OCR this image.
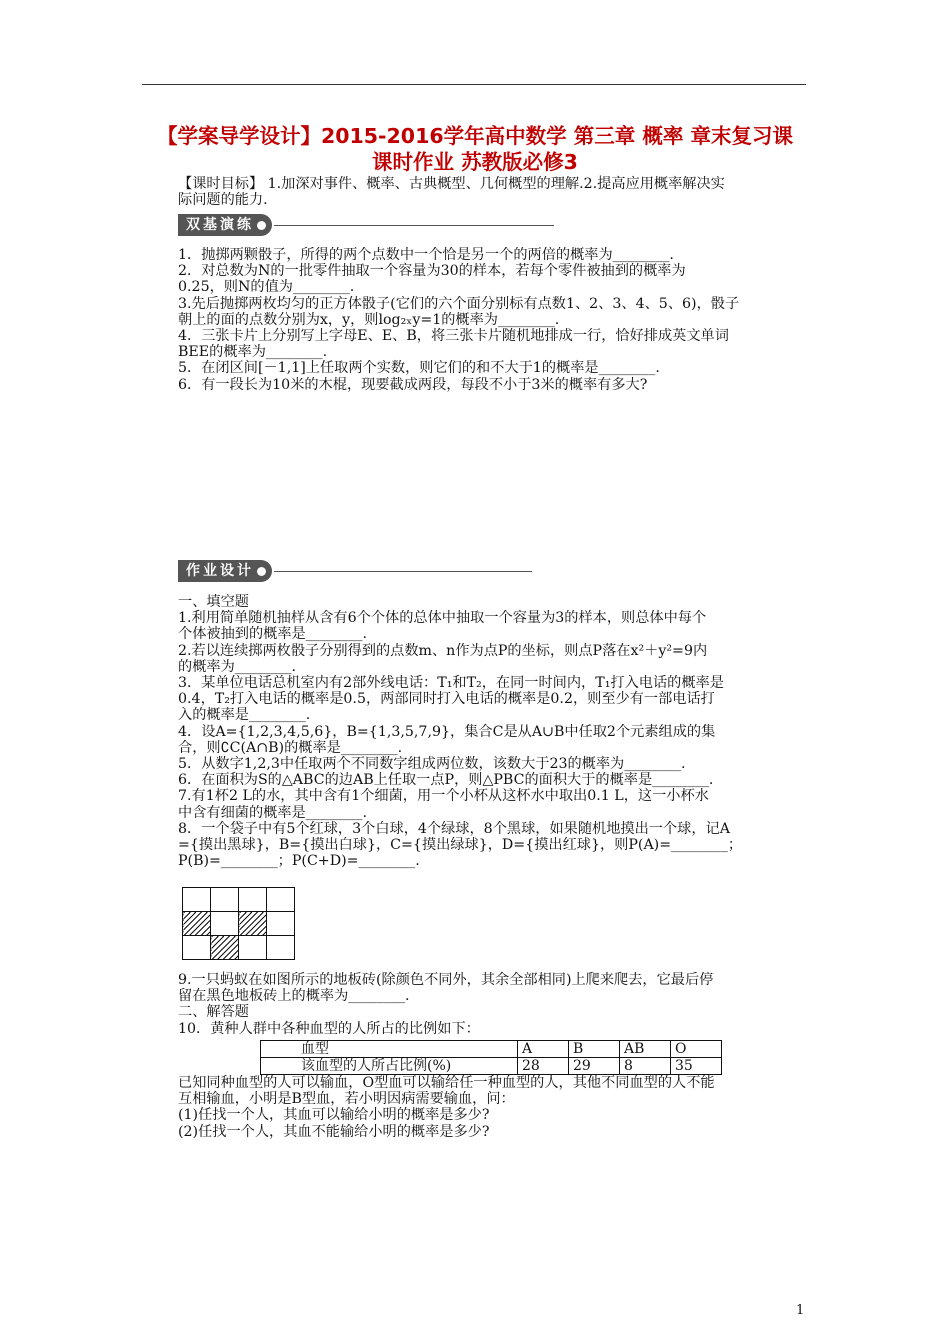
【学案导学设计】2015-2016学年高中数学 第三章 概率 章末复习课
课时作业 苏教版必修3

【课时目标】 1.加深对事件、概率、古典概型、几何概型的理解.2.提高应用概率解决实

际问题的能力.

双基演练

1．抛掷两颗骰子，所得的两个点数中一个恰是另一个的两倍的概率为________.

2．对总数为N的一批零件抽取一个容量为30的样本，若每个零件被抽到的概率为

0.25，则N的值为________.

3.先后抛掷两枚均匀的正方体骰子(它们的六个面分别标有点数1、2、3、4、5、6)，骰子

朝上的面的点数分别为x，y，则log₂ₓy=1的概率为________.

4．三张卡片上分别写上字母E、E、B，将三张卡片随机地排成一行，恰好排成英文单词

BEE的概率为________.

5．在闭区间[－1,1]上任取两个实数，则它们的和不大于1的概率是________.

6．有一段长为10米的木棍，现要截成两段，每段不小于3米的概率有多大?

作业设计

一、填空题

1.利用简单随机抽样从含有6个个体的总体中抽取一个容量为3的样本，则总体中每个

个体被抽到的概率是________.

2.若以连续掷两枚骰子分别得到的点数m、n作为点P的坐标，则点P落在x²＋y²=9内

的概率为________.

3．某单位电话总机室内有2部外线电话：T₁和T₂，在同一时间内，T₁打入电话的概率是

0.4，T₂打入电话的概率是0.5，两部同时打入电话的概率是0.2，则至少有一部电话打

入的概率是________.

4．设A={1,2,3,4,5,6}，B={1,3,5,7,9}，集合C是从A∪B中任取2个元素组成的集

合，则∁C(A∩B)的概率是________.

5．从数字1,2,3中任取两个不同数字组成两位数，该数大于23的概率为________.

6．在面积为S的△ABC的边AB上任取一点P，则△PBC的面积大于的概率是________.

7.有1杯2 L的水，其中含有1个细菌，用一个小杯从这杯水中取出0.1 L，这一小杯水

中含有细菌的概率是________.

8．一个袋子中有5个红球，3个白球，4个绿球，8个黑球，如果随机地摸出一个球，记A

={摸出黑球}，B={摸出白球}，C={摸出绿球}，D={摸出红球}，则P(A)=________；

P(B)=________；P(C+D)=________.

9.一只蚂蚁在如图所示的地板砖(除颜色不同外，其余全部相同)上爬来爬去，它最后停

留在黑色地板砖上的概率为________.

二、解答题

10．黄种人群中各种血型的人所占的比例如下：

血型	A	B	AB	O
该血型的人所占比例(%)	28	29	8	35

已知同种血型的人可以输血，O型血可以输给任一种血型的人，其他不同血型的人不能

互相输血，小明是B型血，若小明因病需要输血，问：

(1)任找一个人，其血可以输给小明的概率是多少?

(2)任找一个人，其血不能输给小明的概率是多少?

1
